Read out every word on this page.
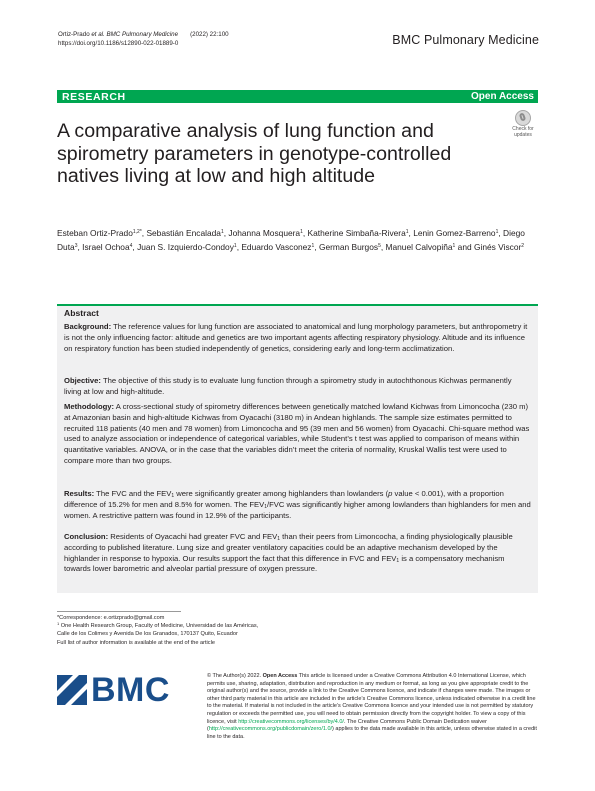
Ortiz-Prado et al. BMC Pulmonary Medicine (2022) 22:100
https://doi.org/10.1186/s12890-022-01889-0	BMC Pulmonary Medicine
RESEARCH	Open Access
A comparative analysis of lung function and spirometry parameters in genotype-controlled natives living at low and high altitude
Check for
updates
Esteban Ortiz-Prado$^{1,2*}$, Sebastián Encalada$^1$, Johanna Mosquera$^1$, Katherine Simbaña-Rivera$^1$, Lenin Gomez-Barreno$^1$, Diego Duta$^3$, Israel Ochoa$^4$, Juan S. Izquierdo-Condoy$^1$, Eduardo Vasconez$^1$, German Burgos$^5$, Manuel Calvopiña$^1$ and Ginés Viscor$^2$
Abstract

Background: The reference values for lung function are associated to anatomical and lung morphology parameters, but anthropometry it is not the only influencing factor: altitude and genetics are two important agents affecting respiratory physiology. Altitude and its influence on respiratory function has been studied independently of genetics, considering early and long-term acclimatization.

Objective: The objective of this study is to evaluate lung function through a spirometry study in autochthonous Kichwas permanently living at low and high-altitude.

Methodology: A cross-sectional study of spirometry differences between genetically matched lowland Kichwas from Limoncocha (230 m) at Amazonian basin and high-altitude Kichwas from Oyacachi (3180 m) in Andean highlands. The sample size estimates permitted to recruited 118 patients (40 men and 78 women) from Limoncocha and 95 (39 men and 56 women) from Oyacachi. Chi-square method was used to analyze association or independence of categorical variables, while Student’s t test was applied to comparison of means within quantitative variables. ANOVA, or in the case that the variables didn’t meet the criteria of normality, Kruskal Wallis test were used to compare more than two groups.

Results: The FVC and the $FEV_1$ were significantly greater among highlanders than lowlanders (p value < 0.001), with a proportion difference of 15.2% for men and 8.5% for women. The $FEV_1$/FVC was significantly higher among lowlanders than highlanders for men and women. A restrictive pattern was found in 12.9% of the participants.

Conclusion: Residents of Oyacachi had greater FVC and $FEV_1$ than their peers from Limoncocha, a finding physiologically plausible according to published literature. Lung size and greater ventilatory capacities could be an adaptive mechanism developed by the highlander in response to hypoxia. Our results support the fact that this difference in FVC and $FEV_1$ is a compensatory mechanism towards lower barometric and alveolar partial pressure of oxygen pressure.

*Correspondence: e.ortizprado@gmail.com
$^1$ One Health Research Group, Faculty of Medicine, Universidad de las Américas, Calle de los Colimes y Avenida De los Granados, 170137 Quito, Ecuador
Full list of author information is available at the end of the article
BMC	© The Author(s) 2022. Open Access This article is licensed under a Creative Commons Attribution 4.0 International License, which permits use, sharing, adaptation, distribution and reproduction in any medium or format, as long as you give appropriate credit to the original author(s) and the source, provide a link to the Creative Commons licence, and indicate if changes were made. The images or other third party material in this article are included in the article’s Creative Commons licence, unless indicated otherwise in a credit line to the material. If material is not included in the article’s Creative Commons licence and your intended use is not permitted by statutory regulation or exceeds the permitted use, you will need to obtain permission directly from the copyright holder. To view a copy of this licence, visit http://creativecommons.org/licenses/by/4.0/. The Creative Commons Public Domain Dedication waiver (http://creativecommons.org/publicdomain/zero/1.0/) applies to the data made available in this article, unless otherwise stated in a credit line to the data.
